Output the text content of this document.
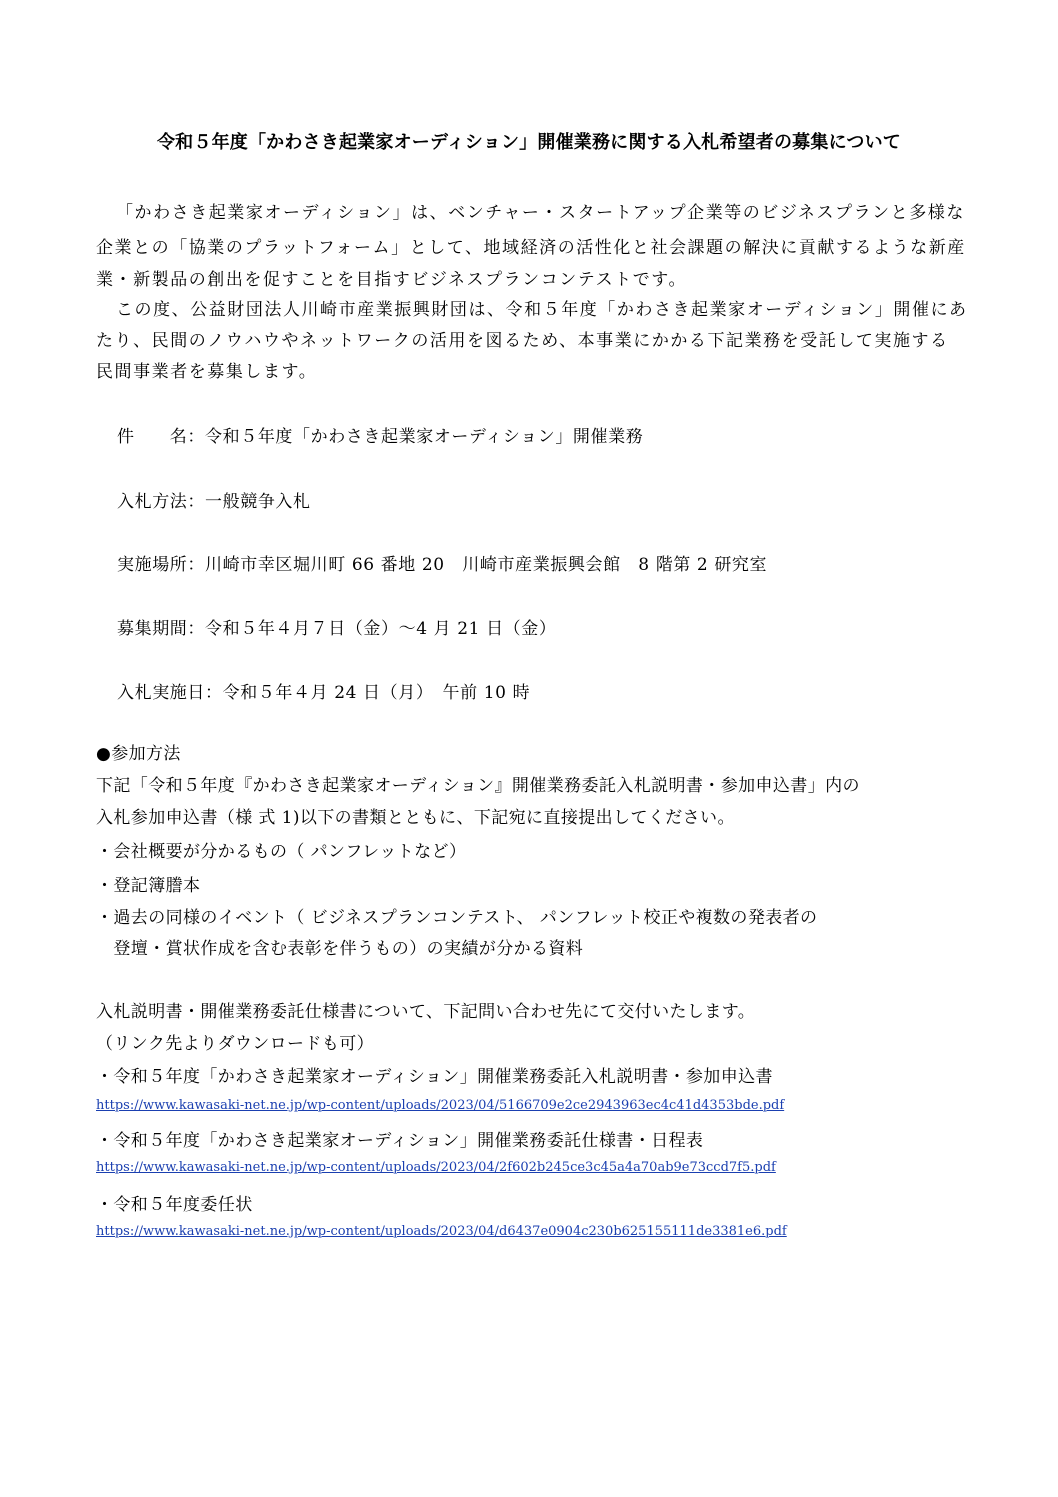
令和５年度「かわさき起業家オーディション」開催業務に関する入札希望者の募集について
「かわさき起業家オーディション」は、ベンチャー・スタートアップ企業等のビジネスプランと多様な
企業との「協業のプラットフォーム」として、地域経済の活性化と社会課題の解決に貢献するような新産
業・新製品の創出を促すことを目指すビジネスプランコンテストです。
この度、公益財団法人川崎市産業振興財団は、令和５年度「かわさき起業家オーディション」開催にあ
たり、民間のノウハウやネットワークの活用を図るため、本事業にかかる下記業務を受託して実施する
民間事業者を募集します。
件　　名：令和５年度「かわさき起業家オーディション」開催業務
入札方法：一般競争入札
実施場所：川崎市幸区堀川町 66 番地 20　川崎市産業振興会館　8 階第 2 研究室
募集期間：令和５年４月７日（金）～4 月 21 日（金）
入札実施日：令和５年４月 24 日（月）　午前 10 時
●参加方法
下記「令和５年度『かわさき起業家オーディション』開催業務委託入札説明書・参加申込書」内の
入札参加申込書（様 式 1)以下の書類とともに、下記宛に直接提出してください。
・会社概要が分かるもの（ パンフレットなど）
・登記簿謄本
・過去の同様のイベント（ ビジネスプランコンテスト、 パンフレット校正や複数の発表者の
　登壇・賞状作成を含む表彰を伴うもの）の実績が分かる資料
入札説明書・開催業務委託仕様書について、下記問い合わせ先にて交付いたします。
（リンク先よりダウンロードも可）
・令和５年度「かわさき起業家オーディション」開催業務委託入札説明書・参加申込書
https://www.kawasaki-net.ne.jp/wp-content/uploads/2023/04/5166709e2ce2943963ec4c41d4353bde.pdf
・令和５年度「かわさき起業家オーディション」開催業務委託仕様書・日程表
https://www.kawasaki-net.ne.jp/wp-content/uploads/2023/04/2f602b245ce3c45a4a70ab9e73ccd7f5.pdf
・令和５年度委任状
https://www.kawasaki-net.ne.jp/wp-content/uploads/2023/04/d6437e0904c230b625155111de3381e6.pdf
